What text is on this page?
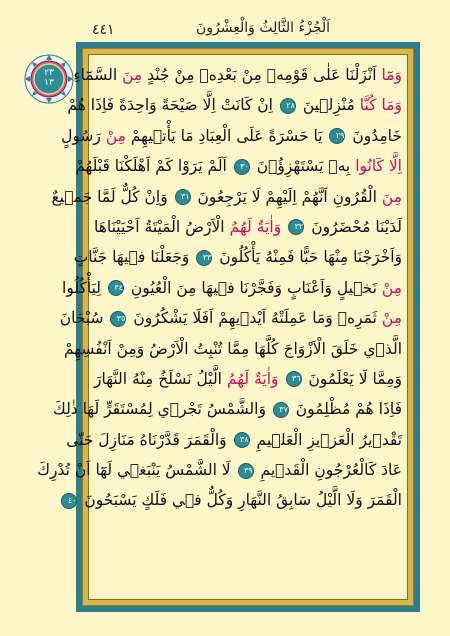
٤٤١	اَلْجُزْءُ الثَّالِثُ وَالْعِشْرُونَ
٢٣
١٣	وَمَٓا اَنْزَلْنَا عَلٰى قَوْمِه۪ مِنْ بَعْدِه۪ مِنْ جُنْدٍ مِنَ السَّمَٓاءِ
وَمَا كُنَّا مُنْزِل۪ينَ ٢٨ اِنْ كَانَتْ اِلَّا صَيْحَةً وَاحِدَةً فَاِذَا هُمْ
خَامِدُونَ ٢٩ يَا حَسْرَةً عَلَى الْعِبَادِ مَا يَأْت۪يهِمْ مِنْ رَسُولٍ
اِلَّا كَانُوا بِه۪ يَسْتَهْزِؤُ۫نَ ٣٠ اَلَمْ يَرَوْا كَمْ اَهْلَكْنَا قَبْلَهُمْ
مِنَ الْقُرُونِ اَنَّهُمْ اِلَيْهِمْ لَا يَرْجِعُونَ ٣١ وَاِنْ كُلٌّ لَمَّا جَم۪يعٌ
لَدَيْنَا مُحْضَرُونَ ٣٢ وَاٰيَةٌ لَهُمُ الْاَرْضُ الْمَيْتَةُ اَحْيَيْنَاهَا
وَاَخْرَجْنَا مِنْهَا حَبًّا فَمِنْهُ يَأْكُلُونَ ٣٣ وَجَعَلْنَا ف۪يهَا جَنَّاتٍ
مِنْ نَخ۪يلٍ وَاَعْنَابٍ وَفَجَّرْنَا ف۪يهَا مِنَ الْعُيُونِ ٣٤ لِيَأْكُلُوا
مِنْ ثَمَرِه۪ وَمَا عَمِلَتْهُ اَيْد۪يهِمْ اَفَلَا يَشْكُرُونَ ٣٥ سُبْحَانَ
الَّذ۪ي خَلَقَ الْاَزْوَاجَ كُلَّهَا مِمَّا تُنْبِتُ الْاَرْضُ وَمِنْ اَنْفُسِهِمْ
وَمِمَّا لَا يَعْلَمُونَ ٣٦ وَاٰيَةٌ لَهُمُ الَّيْلُ نَسْلَخُ مِنْهُ النَّهَارَ
فَاِذَا هُمْ مُظْلِمُونَ ٣٧ وَالشَّمْسُ تَجْر۪ي لِمُسْتَقَرٍّ لَهَا ذٰلِكَ
تَقْد۪يرُ الْعَز۪يزِ الْعَل۪يمِ ٣٨ وَالْقَمَرَ قَدَّرْنَاهُ مَنَازِلَ حَتّٰى
عَادَ كَالْعُرْجُونِ الْقَد۪يمِ ٣٩ لَا الشَّمْسُ يَنْبَغ۪ي لَهَٓا اَنْ تُدْرِكَ
الْقَمَرَ وَلَا الَّيْلُ سَابِقُ النَّهَارِ وَكُلٌّ ف۪ي فَلَكٍ يَسْبَحُونَ ٤٠
